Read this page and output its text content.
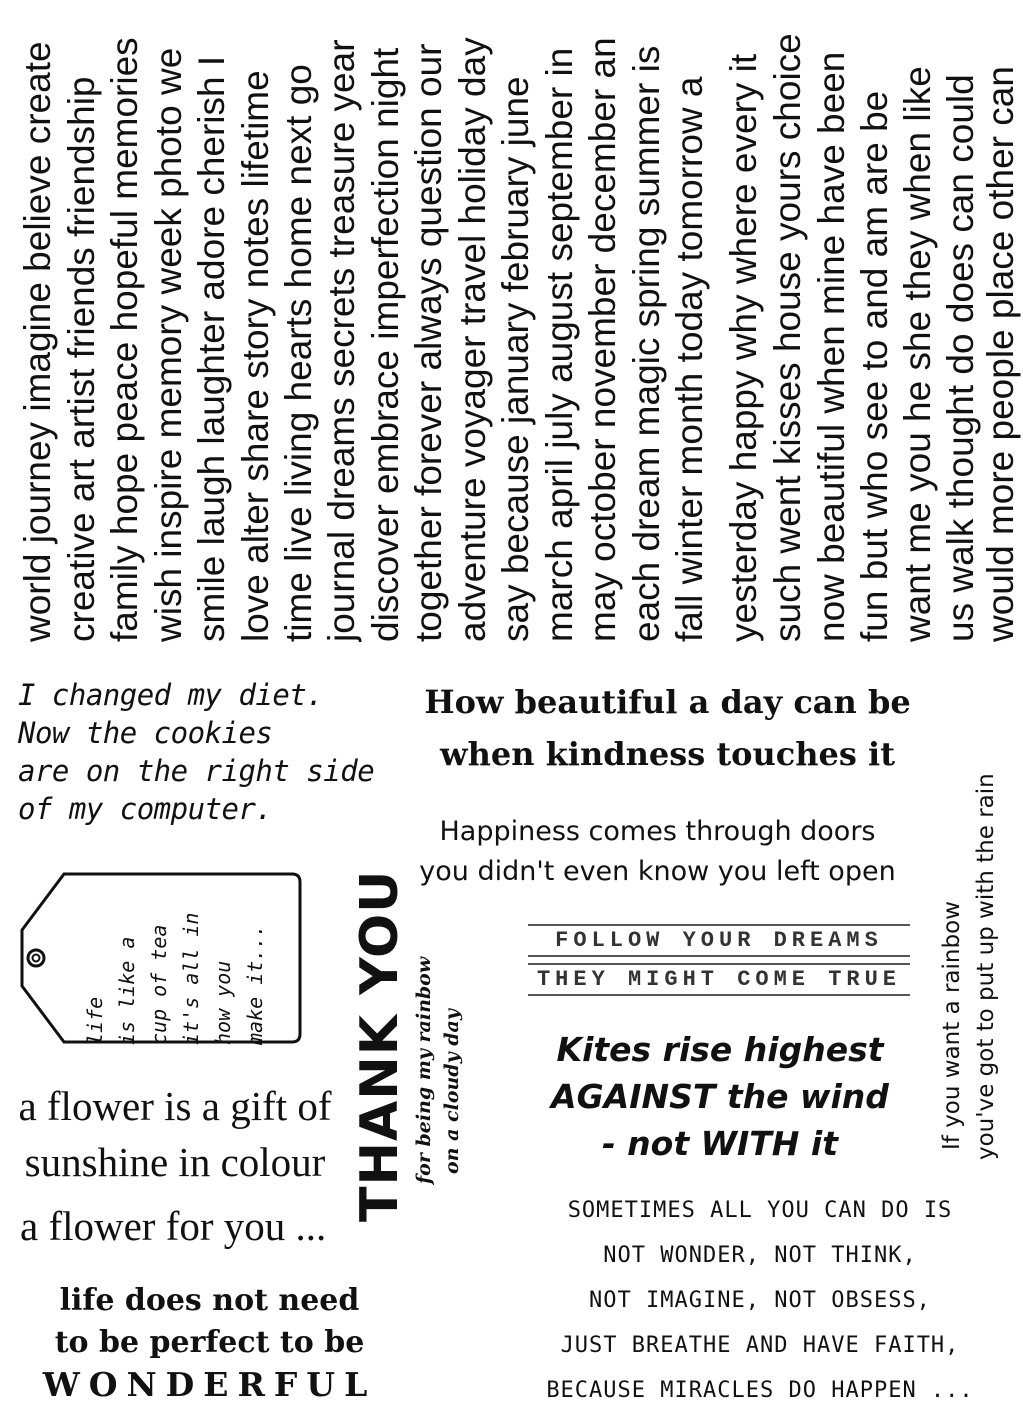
world journey imagine believe create creative art artist friends friendship family hope peace hopeful memories wish inspire memory week photo we smile laugh laughter adore cherish I love alter share story notes lifetime time live living hearts home next go journal dreams secrets treasure year discover embrace imperfection night together forever always question our adventure voyager travel holiday day say because january february june march april july august september in may october november december an each dream magic spring summer is fall winter month today tomorrow a yesterday happy why where every it such went kisses house yours choice now beautiful when mine have been fun but who see to and am are be want me you he she they when like us walk thought do does can could would more people place other can
I changed my diet.
Now the cookies
are on the right side
of my computer.
How beautiful a day can be
when kindness touches it
Happiness comes through doors
you didn't even know you left open
life is like a cup of tea it's all in how you make it... THANK YOU for being my rainbow on a cloudy day
FOLLOW YOUR DREAMS
THEY MIGHT COME TRUE
Kites rise highest
AGAINST the wind
- not WITH it	If you want a rainbow you've got to put up with the rain
a flower is a gift of
sunshine in colour
a flower for you ...
life does not need
to be perfect to be
WONDERFUL
SOMETIMES ALL YOU CAN DO IS
NOT WONDER, NOT THINK,
NOT IMAGINE, NOT OBSESS,
JUST BREATHE AND HAVE FAITH,
BECAUSE MIRACLES DO HAPPEN ...
